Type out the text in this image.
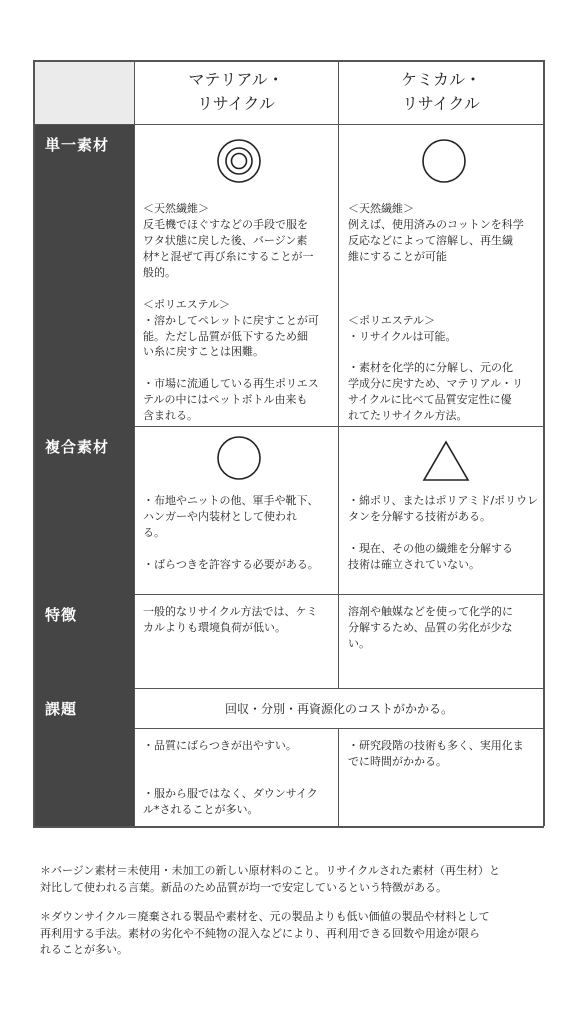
マテリアル・
リサイクル
ケミカル・
リサイクル
単一素材
複合素材
特徴
課題
＜天然繊維＞
反毛機でほぐすなどの手段で服を
ワタ状態に戻した後、バージン素
材*と混ぜて再び糸にすることが一
般的。

＜ポリエステル＞
・溶かしてペレットに戻すことが可
能。ただし品質が低下するため細
い糸に戻すことは困難。

・市場に流通している再生ポリエス
テルの中にはペットボトル由来も
含まれる。
＜天然繊維＞
例えば、使用済みのコットンを科学
反応などによって溶解し、再生繊
維にすることが可能

＜ポリエステル＞
・リサイクルは可能。

・素材を化学的に分解し、元の化
学成分に戻すため、マテリアル・リ
サイクルに比べて品質安定性に優
れてたリサイクル方法。
・布地やニットの他、軍手や靴下、
ハンガーや内装材として使われ
る。

・ばらつきを許容する必要がある。
・綿ポリ、またはポリアミド/ポリウレ
タンを分解する技術がある。

・現在、その他の繊維を分解する
技術は確立されていない。
一般的なリサイクル方法では、ケミ
カルよりも環境負荷が低い。
溶剤や触媒などを使って化学的に
分解するため、品質の劣化が少な
い。
回収・分別・再資源化のコストがかかる。
・品質にばらつきが出やすい。

・服から服ではなく、ダウンサイク
ル*されることが多い。
・研究段階の技術も多く、実用化ま
でに時間がかかる。
＊バージン素材＝未使用・未加工の新しい原材料のこと。リサイクルされた素材（再生材）と
対比して使われる言葉。新品のため品質が均一で安定しているという特徴がある。
＊ダウンサイクル＝廃棄される製品や素材を、元の製品よりも低い価値の製品や材料として
再利用する手法。素材の劣化や不純物の混入などにより、再利用できる回数や用途が限ら
れることが多い。
